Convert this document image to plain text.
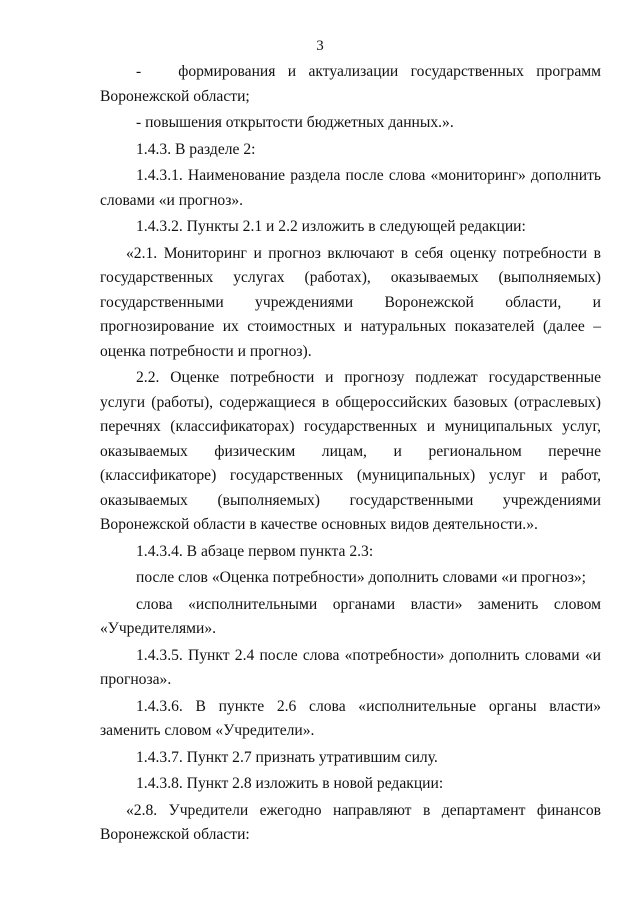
3

-   формирования и актуализации государственных программ Воронежской области;

- повышения открытости бюджетных данных.».

1.4.3. В разделе 2:

1.4.3.1. Наименование раздела после слова «мониторинг» дополнить словами «и прогноз».

1.4.3.2. Пункты 2.1 и 2.2 изложить в следующей редакции:

«2.1. Мониторинг и прогноз включают в себя оценку потребности в государственных услугах (работах), оказываемых (выполняемых) государственными учреждениями Воронежской области, и прогнозирование их стоимостных и натуральных показателей (далее – оценка потребности и прогноз).

2.2. Оценке потребности и прогнозу подлежат государственные услуги (работы), содержащиеся в общероссийских базовых (отраслевых) перечнях (классификаторах) государственных и муниципальных услуг, оказываемых физическим лицам, и региональном перечне (классификаторе) государственных (муниципальных) услуг и работ, оказываемых (выполняемых) государственными учреждениями Воронежской области в качестве основных видов деятельности.».

1.4.3.4. В абзаце первом пункта 2.3:

после слов «Оценка потребности» дополнить словами «и прогноз»;

слова «исполнительными органами власти» заменить словом «Учредителями».

1.4.3.5. Пункт 2.4 после слова «потребности» дополнить словами «и прогноза».

1.4.3.6. В пункте 2.6 слова «исполнительные органы власти» заменить словом «Учредители».

1.4.3.7. Пункт 2.7 признать утратившим силу.

1.4.3.8. Пункт 2.8 изложить в новой редакции:

«2.8. Учредители ежегодно направляют в департамент финансов Воронежской области:
